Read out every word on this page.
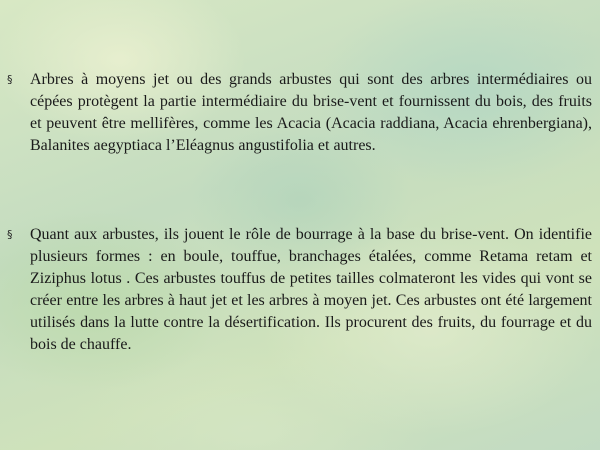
§ Arbres à moyens jet ou des grands arbustes qui sont des arbres intermédiaires ou cépées protègent la partie intermédiaire du brise-vent et fournissent du bois, des fruits et peuvent être mellifères, comme les Acacia (Acacia raddiana, Acacia ehrenbergiana), Balanites aegyptiaca l’Eléagnus angustifolia et autres.

§ Quant aux arbustes, ils jouent le rôle de bourrage à la base du brise-vent. On identifie plusieurs formes : en boule, touffue, branchages étalées, comme Retama retam et Ziziphus lotus . Ces arbustes touffus de petites tailles colmateront les vides qui vont se créer entre les arbres à haut jet et les arbres à moyen jet. Ces arbustes ont été largement utilisés dans la lutte contre la désertification. Ils procurent des fruits, du fourrage et du bois de chauffe.
